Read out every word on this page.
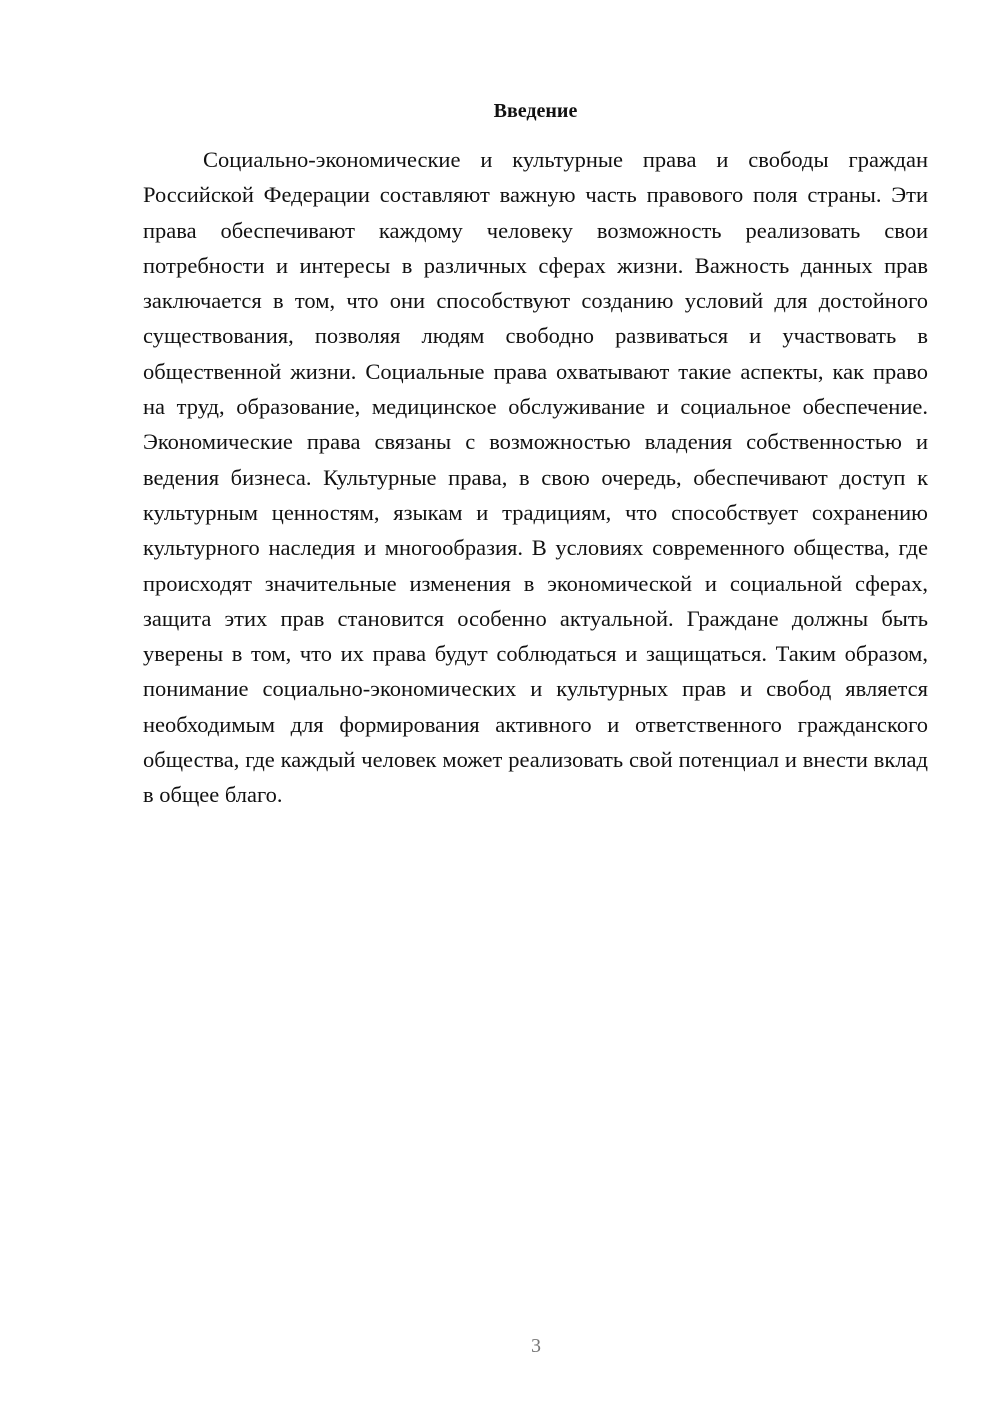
Введение

Социально-экономические и культурные права и свободы граждан Российской Федерации составляют важную часть правового поля страны. Эти права обеспечивают каждому человеку возможность реализовать свои потребности и интересы в различных сферах жизни. Важность данных прав заключается в том, что они способствуют созданию условий для достойного существования, позволяя людям свободно развиваться и участвовать в общественной жизни. Социальные права охватывают такие аспекты, как право на труд, образование, медицинское обслуживание и социальное обеспечение. Экономические права связаны с возможностью владения собственностью и ведения бизнеса. Культурные права, в свою очередь, обеспечивают доступ к культурным ценностям, языкам и традициям, что способствует сохранению культурного наследия и многообразия. В условиях современного общества, где происходят значительные изменения в экономической и социальной сферах, защита этих прав становится особенно актуальной. Граждане должны быть уверены в том, что их права будут соблюдаться и защищаться. Таким образом, понимание социально-экономических и культурных прав и свобод является необходимым для формирования активного и ответственного гражданского общества, где каждый человек может реализовать свой потенциал и внести вклад в общее благо.

3
